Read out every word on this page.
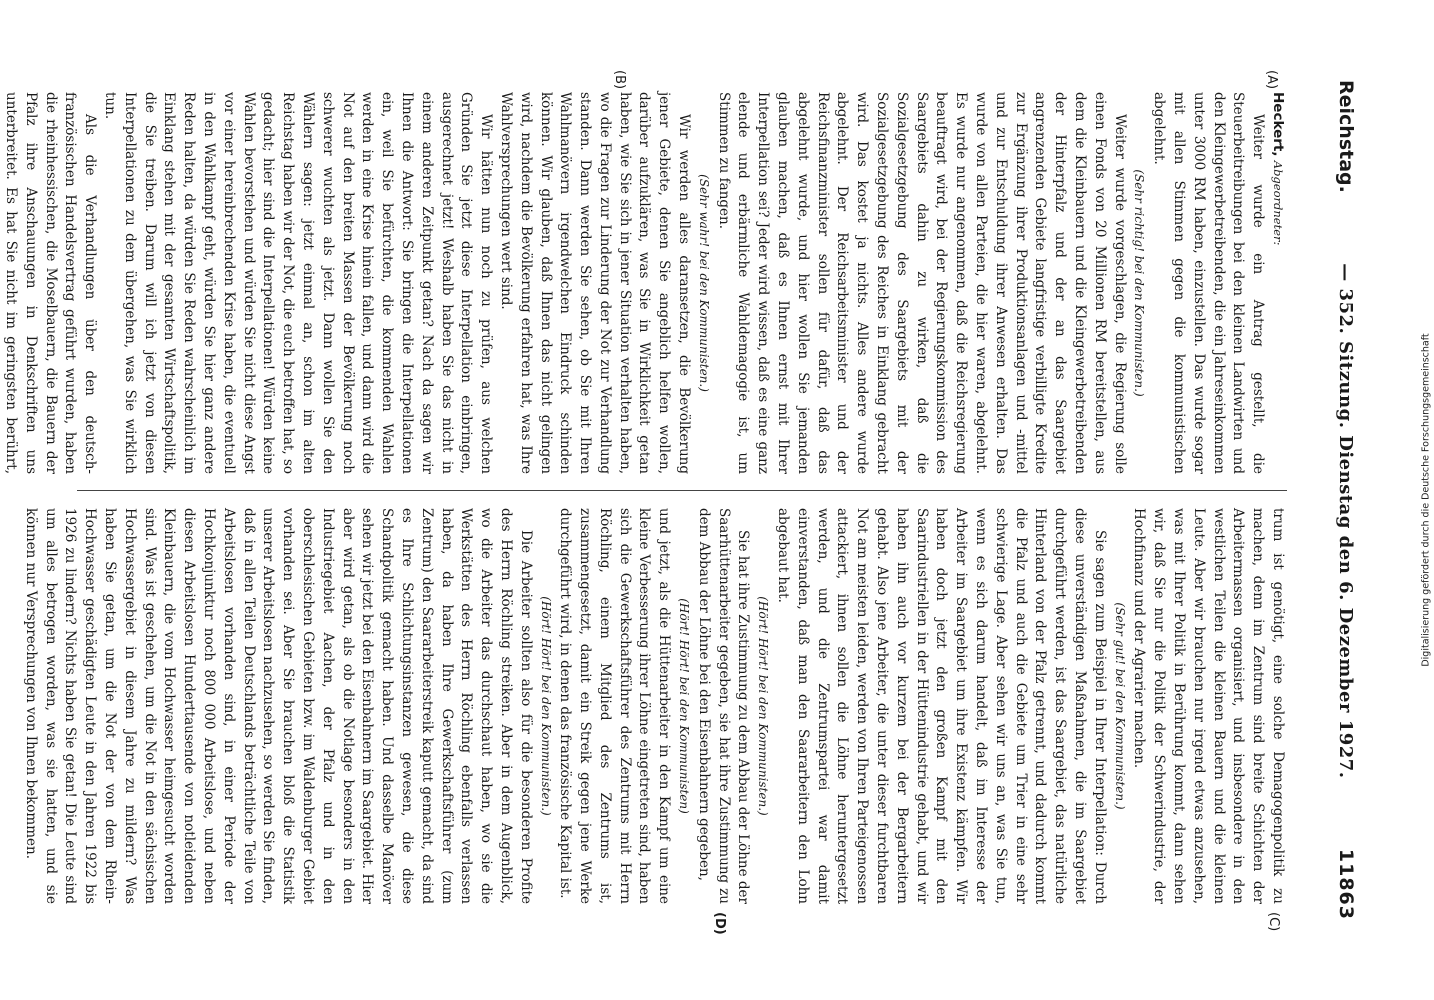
Reichstag.
— 352. Sitzung. Dienstag den 6. Dezember 1927.
11863
(A)
(B)
(C)
(D)

Heckert, Abgeordneter:

Weiter wurde ein Antrag gestellt, die Steuerbeitreibungen bei den kleinen Landwirten und den Kleingewerbetreibenden, die ein Jahreseinkommen unter 3000 RM haben, einzustellen. Das wurde sogar mit allen Stimmen gegen die kommunistischen abgelehnt.

(Sehr richtig! bei den Kommunisten.)

Weiter wurde vorgeschlagen, die Regierung solle einen Fonds von 20 Millionen RM bereitstellen, aus dem die Kleinbauern und die Kleingewerbetreibenden der Hinterpfalz und der an das Saargebiet angrenzenden Gebiete langfristige verbilligte Kredite zur Ergänzung ihrer Produktionsanlagen und -mittel und zur Entschuldung ihrer Anwesen erhalten. Das wurde von allen Parteien, die hier waren, abgelehnt. Es wurde nur angenommen, daß die Reichsregierung beauftragt wird, bei der Regierungskommission des Saargebiets dahin zu wirken, daß die Sozialgesetzgebung des Saargebiets mit der Sozialgesetzgebung des Reiches in Einklang gebracht wird. Das kostet ja nichts. Alles andere wurde abgelehnt. Der Reichsarbeitsminister und der Reichsfinanzminister sollen für dafür, daß das abgelehnt wurde, und hier wollen Sie jemanden glauben machen, daß es Ihnen ernst mit Ihrer Interpellation sei? Jeder wird wissen, daß es eine ganz elende und erbärmliche Wahldemagogie ist, um Stimmen zu fangen.

(Sehr wahr! bei den Kommunisten.)

Wir werden alles daransetzen, die Bevölkerung jener Gebiete, denen Sie angeblich helfen wollen, darüber aufzuklären, was Sie in Wirklichkeit getan haben, wie Sie sich in jener Situation verhalten haben, wo die Fragen zur Linderung der Not zur Verhandlung standen. Dann werden Sie sehen, ob Sie mit Ihren Wahlmanövern irgendwelchen Eindruck schinden können. Wir glauben, daß Ihnen das nicht gelingen wird, nachdem die Bevölkerung erfahren hat, was Ihre Wahlversprechungen wert sind.

Wir hätten nun noch zu prüfen, aus welchen Gründen Sie jetzt diese Interpellation einbringen, ausgerechnet jetzt! Weshalb haben Sie das nicht in einem anderen Zeitpunkt getan? Nach da sagen wir Ihnen die Antwort: Sie bringen die Interpellationen ein, weil Sie befürchten, die kommenden Wahlen werden in eine Krise hinein fallen, und dann wird die Not auf den breiten Massen der Bevölkerung noch schwerer wuchten als jetzt. Dann wollen Sie den Wählern sagen: jetzt einmal an, schon im alten Reichstag haben wir der Not, die euch betroffen hat, so gedacht; hier sind die Interpellationen! Würden keine Wahlen bevorstehen und würden Sie nicht diese Angst vor einer hereinbrechenden Krise haben, die eventuell in den Wahlkampf geht, würden Sie hier ganz andere Reden halten, da würden Sie Reden wahrscheinlich im Einklang stehen mit der gesamten Wirtschaftspolitik, die Sie treiben. Darum will ich jetzt von diesen Interpellationen zu dem übergehen, was Sie wirklich tun.

Als die Verhandlungen über den deutsch-französischen Handelsvertrag geführt wurden, haben die rheinhessischen, die Moselbauern, die Bauern der Pfalz ihre Anschauungen in Denkschriften uns unterbreitet. Es hat Sie nicht im geringsten berührt,

trum ist genötigt, eine solche Demagogenpolitik zu machen, denn im Zentrum sind breite Schichten der Arbeitermassen organisiert, und insbesondere in den westlichen Teilen die kleinen Bauern und die kleinen Leute. Aber wir brauchen nur irgend etwas anzusehen, was mit Ihrer Politik in Berührung kommt, dann sehen wir, daß Sie nur die Politik der Schwerindustrie, der Hochfinanz und der Agrarier machen.

(Sehr gut! bei den Kommunisten.)

Sie sagen zum Beispiel in Ihrer Interpellation: Durch diese unverständigen Maßnahmen, die im Saargebiet durchgeführt werden, ist das Saargebiet, das natürliche Hinterland von der Pfalz getrennt, und dadurch kommt die Pfalz und auch die Gebiete um Trier in eine sehr schwierige Lage. Aber sehen wir uns an, was Sie tun, wenn es sich darum handelt, daß im Interesse der Arbeiter im Saargebiet um ihre Existenz kämpfen. Wir haben doch jetzt den großen Kampf mit den Saarindustriellen in der Hüttenindustrie gehabt, und wir haben ihn auch vor kurzem bei der Bergarbeitern gehabt. Also jene Arbeiter, die unter dieser furchtbaren Not am meisten leiden, werden von Ihren Parteigenossen attackiert, ihnen sollen die Löhne heruntergesetzt werden, und die Zentrumspartei war damit einverstanden, daß man den Saararbeitern den Lohn abgebaut hat.

(Hört! Hört! bei den Kommunisten.)

Sie hat ihre Zustimmung zu dem Abbau der Löhne der Saarhüttenarbeiter gegeben, sie hat ihre Zustimmung zu dem Abbau der Löhne bei den Eisenbahnern gegeben,

(Hört! Hört! bei den Kommunisten)

und jetzt, als die Hüttenarbeiter in den Kampf um eine kleine Verbesserung ihrer Löhne eingetreten sind, haben sich die Gewerkschaftsführer des Zentrums mit Herrn Röchling, einem Mitglied des Zentrums ist, zusammengesetzt, damit ein Streik gegen jene Werke durchgeführt wird, in denen das französische Kapital ist.

(Hört! Hört! bei den Kommunisten.)

Die Arbeiter sollten also für die besonderen Profite des Herrn Röchling streiken. Aber in dem Augenblick, wo die Arbeiter das durchschaut haben, wo sie die Werkstätten des Herrn Röchling ebenfalls verlassen haben, da haben Ihre Gewerkschaftsführer (zum Zentrum) den Saararbeiterstreik kaputt gemacht, da sind es Ihre Schlichtungsinstanzen gewesen, die diese Schandpolitik gemacht haben. Und dasselbe Manöver sehen wir jetzt bei den Eisenbahnern im Saargebiet. Hier aber wird getan, als ob die Notlage besonders in den Industriegebiet Aachen, der Pfalz und in den oberschlesischen Gebieten bzw. im Waldenburger Gebiet vorhanden sei. Aber Sie brauchen bloß die Statistik unserer Arbeitslosen nachzusehen, so werden Sie finden, daß in allen Teilen Deutschlands beträchtliche Teile von Arbeitslosen vorhanden sind, in einer Periode der Hochkonjunktur noch 800 000 Arbeitslose, und neben diesen Arbeitslosen Hunderttausende von notleidenden Kleinbauern, die vom Hochwasser heimgesucht worden sind. Was ist geschehen, um die Not in den sächsischen Hochwassergebiet in diesem Jahre zu mildern? Was haben Sie getan, um die Not der von dem Rhein-Hochwasser geschädigten Leute in den Jahren 1922 bis 1926 zu lindern? Nichts haben Sie getan! Die Leute sind um alles betrogen worden, was sie hatten, und sie können nur Versprechungen von Ihnen bekommen.

Digitalisierung gefördert durch die Deutsche Forschungsgemeinschaft
